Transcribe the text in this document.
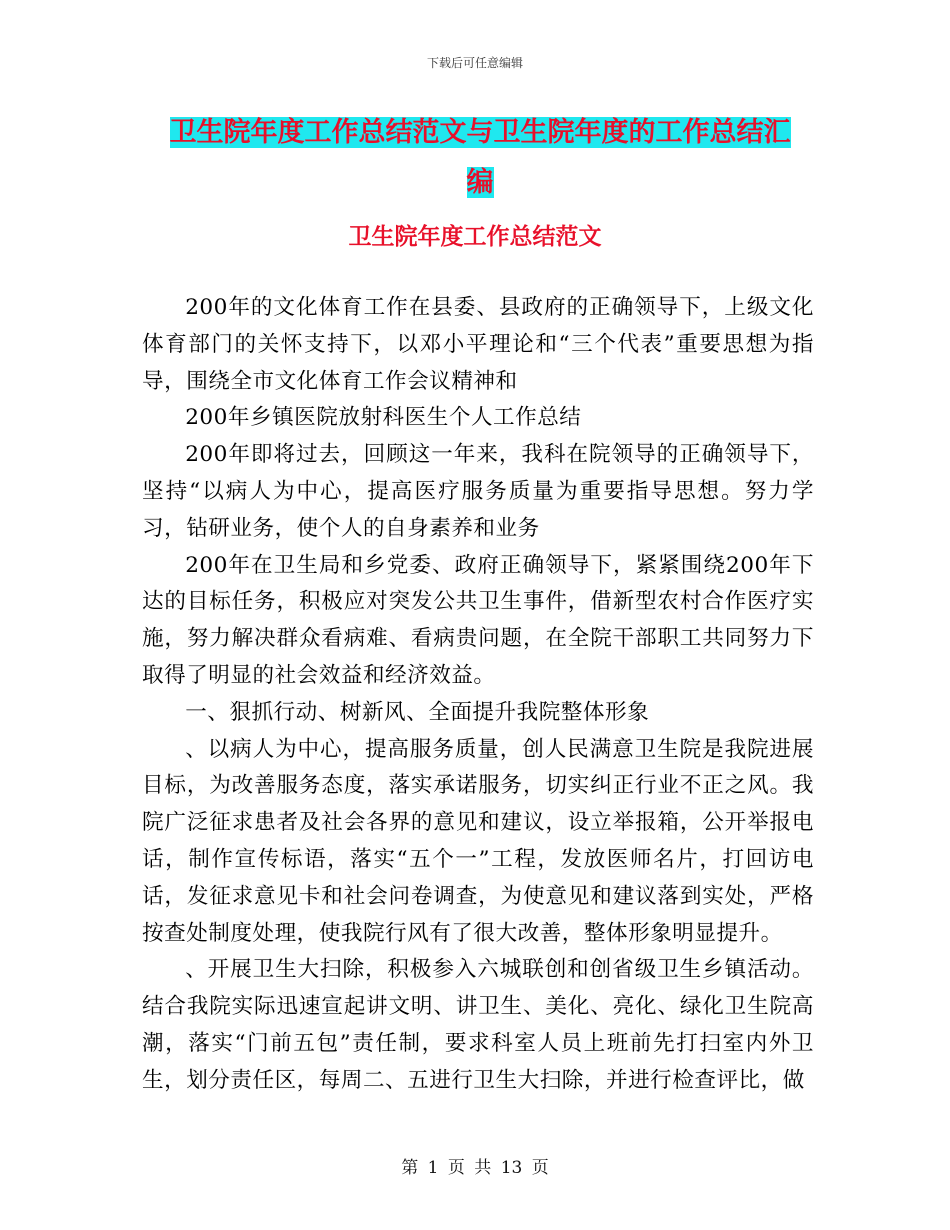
下载后可任意编辑
卫生院年度工作总结范文与卫生院年度的工作总结汇
编
卫生院年度工作总结范文

200年的文化体育工作在县委、县政府的正确领导下，上级文化体育部门的关怀支持下，以邓小平理论和“三个代表”重要思想为指导，围绕全市文化体育工作会议精神和

200年乡镇医院放射科医生个人工作总结

200年即将过去，回顾这一年来，我科在院领导的正确领导下，坚持“以病人为中心，提高医疗服务质量为重要指导思想。努力学习，钻研业务，使个人的自身素养和业务

200年在卫生局和乡党委、政府正确领导下，紧紧围绕200年下达的目标任务，积极应对突发公共卫生事件，借新型农村合作医疗实施，努力解决群众看病难、看病贵问题，在全院干部职工共同努力下取得了明显的社会效益和经济效益。

一、狠抓行动、树新风、全面提升我院整体形象

、以病人为中心，提高服务质量，创人民满意卫生院是我院进展目标，为改善服务态度，落实承诺服务，切实纠正行业不正之风。我院广泛征求患者及社会各界的意见和建议，设立举报箱，公开举报电话，制作宣传标语，落实“五个一”工程，发放医师名片，打回访电话，发征求意见卡和社会问卷调查，为使意见和建议落到实处，严格按查处制度处理，使我院行风有了很大改善，整体形象明显提升。

、开展卫生大扫除，积极参入六城联创和创省级卫生乡镇活动。结合我院实际迅速宣起讲文明、讲卫生、美化、亮化、绿化卫生院高潮，落实“门前五包”责任制，要求科室人员上班前先打扫室内外卫生，划分责任区，每周二、五进行卫生大扫除，并进行检查评比，做

第 1 页 共 13 页
